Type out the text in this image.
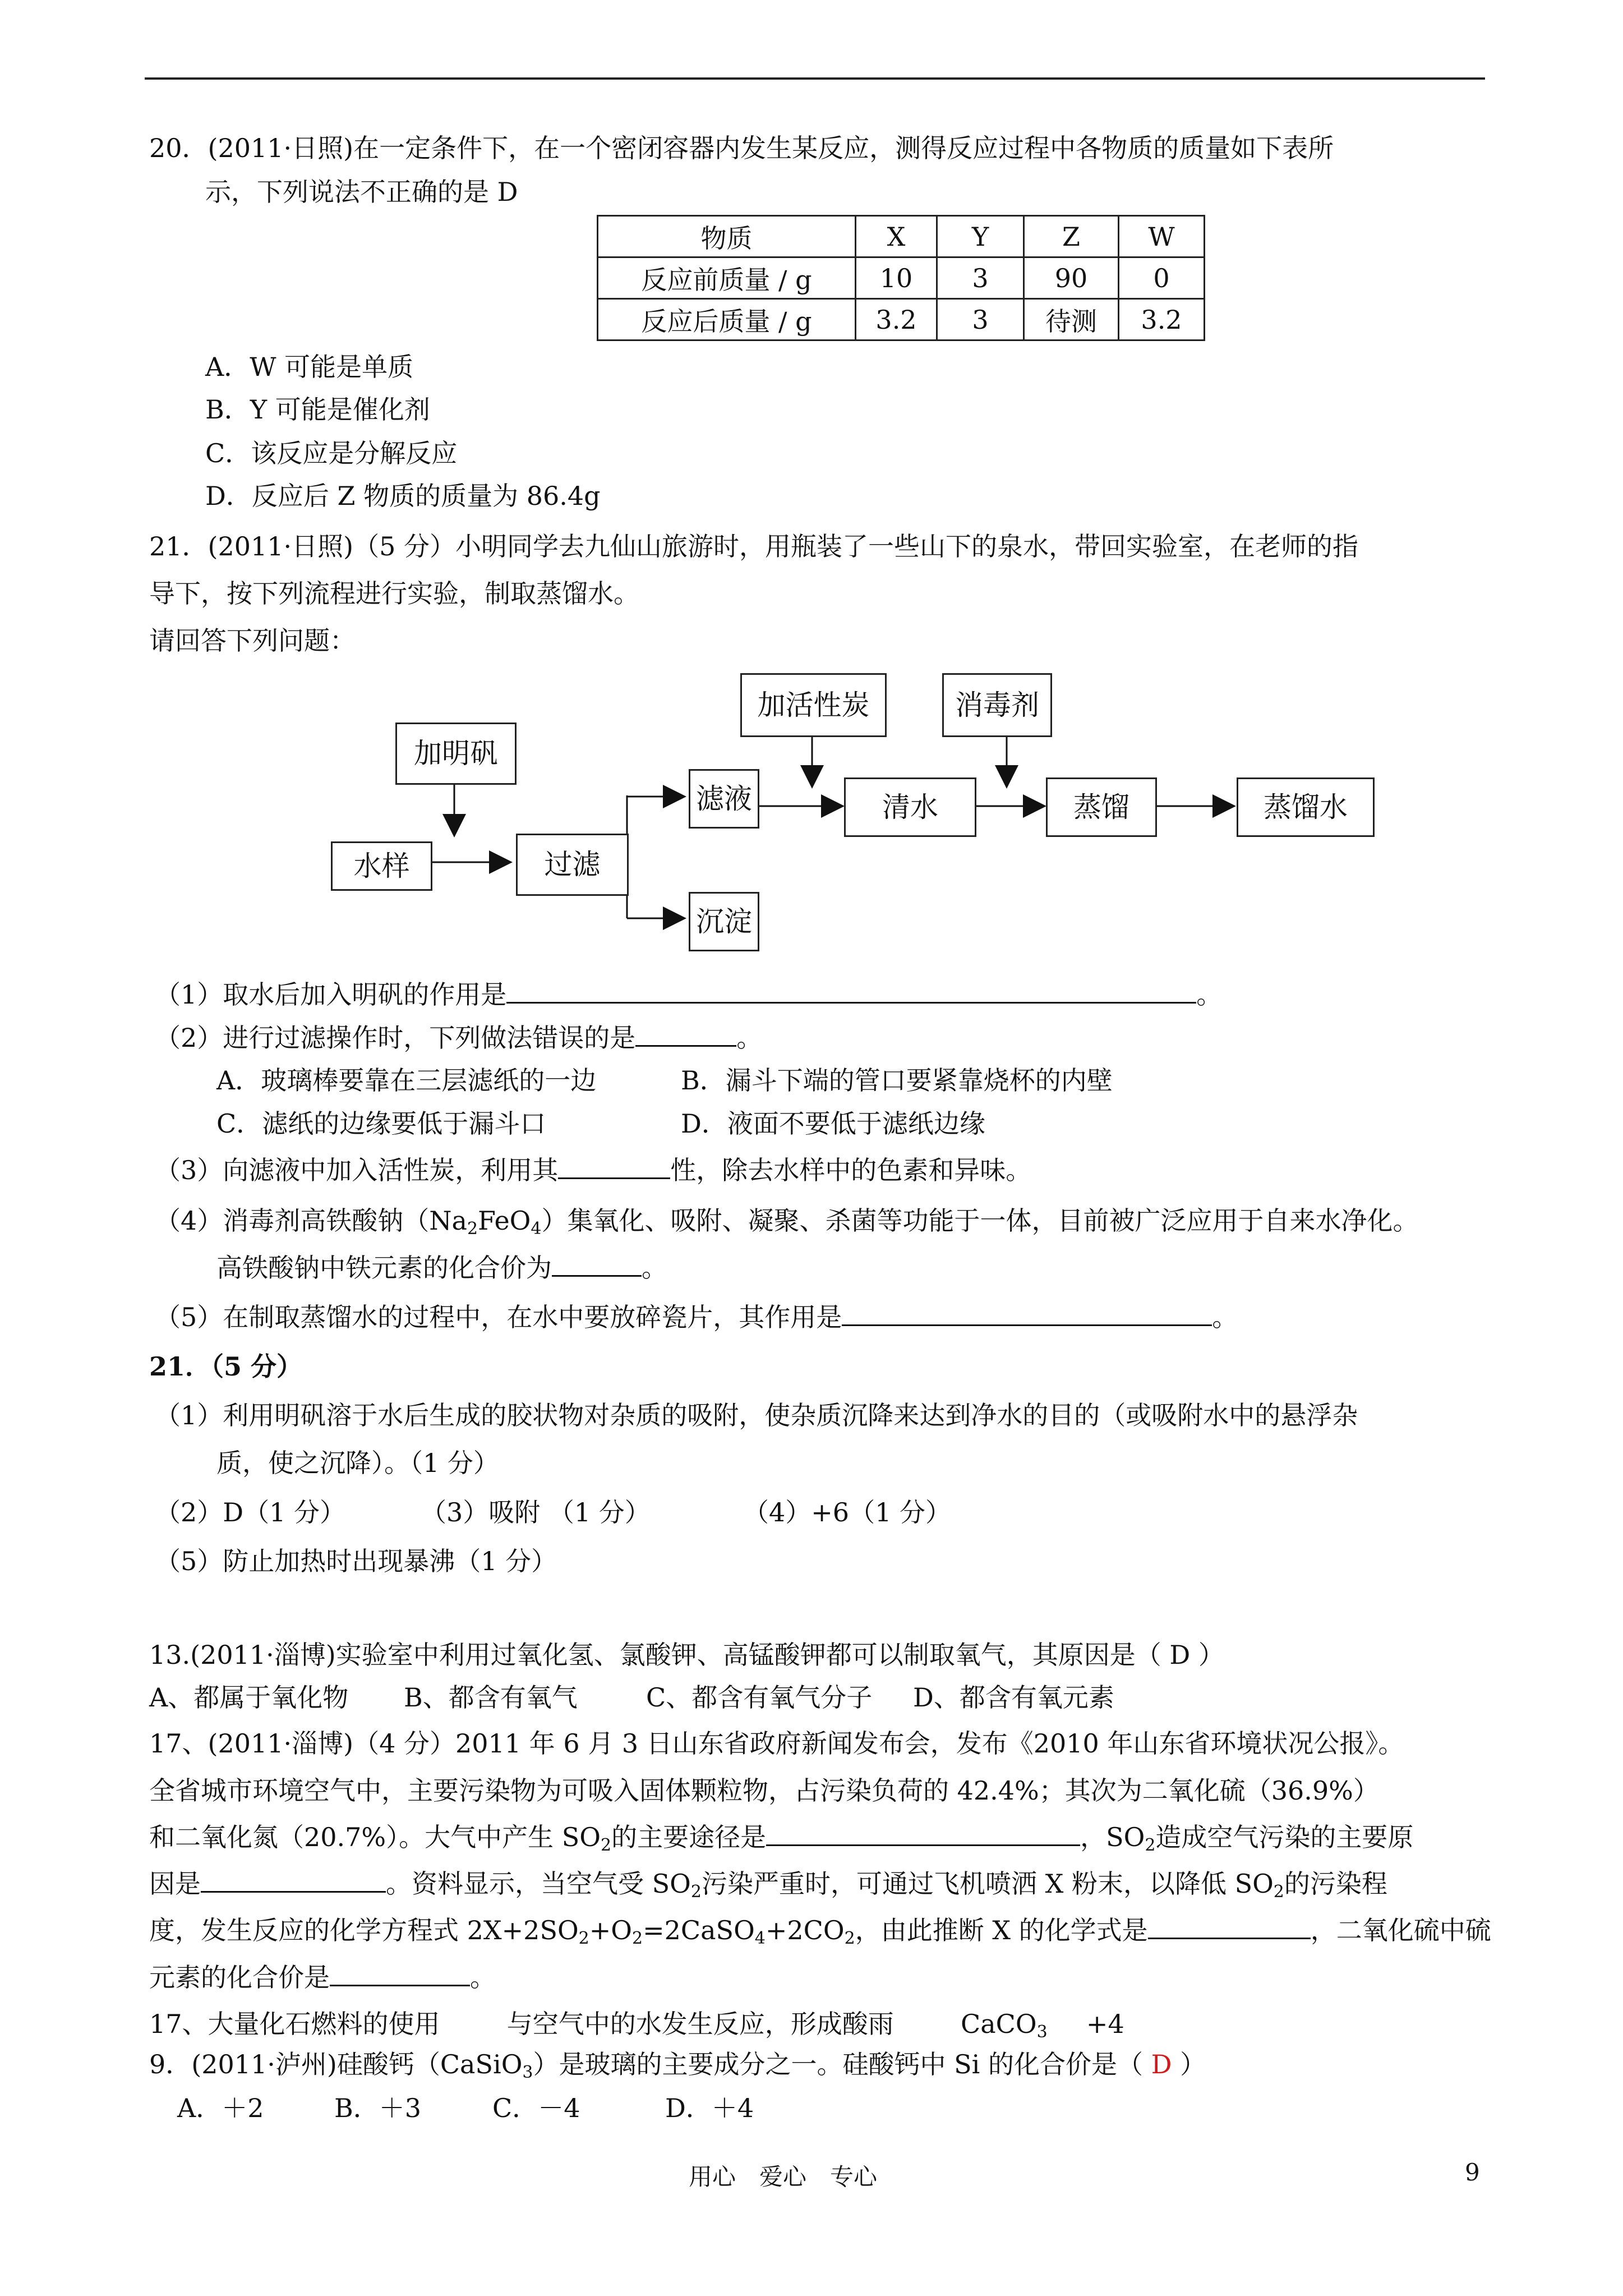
20．(2011·日照)在一定条件下，在一个密闭容器内发生某反应，测得反应过程中各物质的质量如下表所
示，下列说法不正确的是 D
物质	X	Y	Z	W
反应前质量 / g	10	3	90	0
反应后质量 / g	3.2	3	待测	3.2
A．W 可能是单质
B．Y 可能是催化剂
C．该反应是分解反应
D．反应后 Z 物质的质量为 86.4g
21．(2011·日照)（5 分）小明同学去九仙山旅游时，用瓶装了一些山下的泉水，带回实验室，在老师的指
导下，按下列流程进行实验，制取蒸馏水。
请回答下列问题：
水样
加明矾
过滤
滤液
沉淀
加活性炭
清水
消毒剂
蒸馏	蒸馏水
（1）取水后加入明矾的作用是	。
（2）进行过滤操作时，下列做法错误的是	。
A．玻璃棒要靠在三层滤纸的一边	B．漏斗下端的管口要紧靠烧杯的内壁
C．滤纸的边缘要低于漏斗口	D．液面不要低于滤纸边缘
（3）向滤液中加入活性炭，利用其	性，除去水样中的色素和异味。
（4）消毒剂高铁酸钠$(Na_2FeO_4)$集氧化、吸附、凝聚、杀菌等功能于一体，目前被广泛应用于自来水净化。
高铁酸钠中铁元素的化合价为	。
（5）在制取蒸馏水的过程中，在水中要放碎瓷片，其作用是	。
21．（5 分）
（1）利用明矾溶于水后生成的胶状物对杂质的吸附，使杂质沉降来达到净水的目的（或吸附水中的悬浮杂
质，使之沉降）。（1 分）
（2）D（1 分）	（3）吸附 （1 分）	（4）+6（1 分）
（5）防止加热时出现暴沸（1 分）
13.(2011·淄博)实验室中利用过氧化氢、氯酸钾、高锰酸钾都可以制取氧气，其原因是（ D ）
A、都属于氧化物 B、都含有氧气	C、都含有氧气分子 D、都含有氧元素
17、(2011·淄博)（4 分）2011 年 6 月 3 日山东省政府新闻发布会，发布《2010 年山东省环境状况公报》。
全省城市环境空气中，主要污染物为可吸入固体颗粒物，占污染负荷的 42.4%；其次为二氧化硫（36.9%）
和二氧化氮（20.7%）。大气中产生 $SO_2$的主要途径是	，$SO_2$造成空气污染的主要原
因是	。资料显示，当空气受 $SO_2$污染严重时，可通过飞机喷洒 X 粉末，以降低 $SO_2$的污染程
度，发生反应的化学方程式 $2X+2SO_2+O_2=2CaSO_4+2CO_2$，由此推断 X 的化学式是	，二氧化硫中硫
元素的化合价是	。
17、大量化石燃料的使用	与空气中的水发生反应，形成酸雨	CaCO$_3$ +4
9．(2011·泸州)硅酸钙（CaSiO$_3$）是玻璃的主要成分之一。硅酸钙中 Si 的化合价是（ D ）
A．＋2	B．＋3	C．－4	D．＋4
用心　爱心　专心	9
